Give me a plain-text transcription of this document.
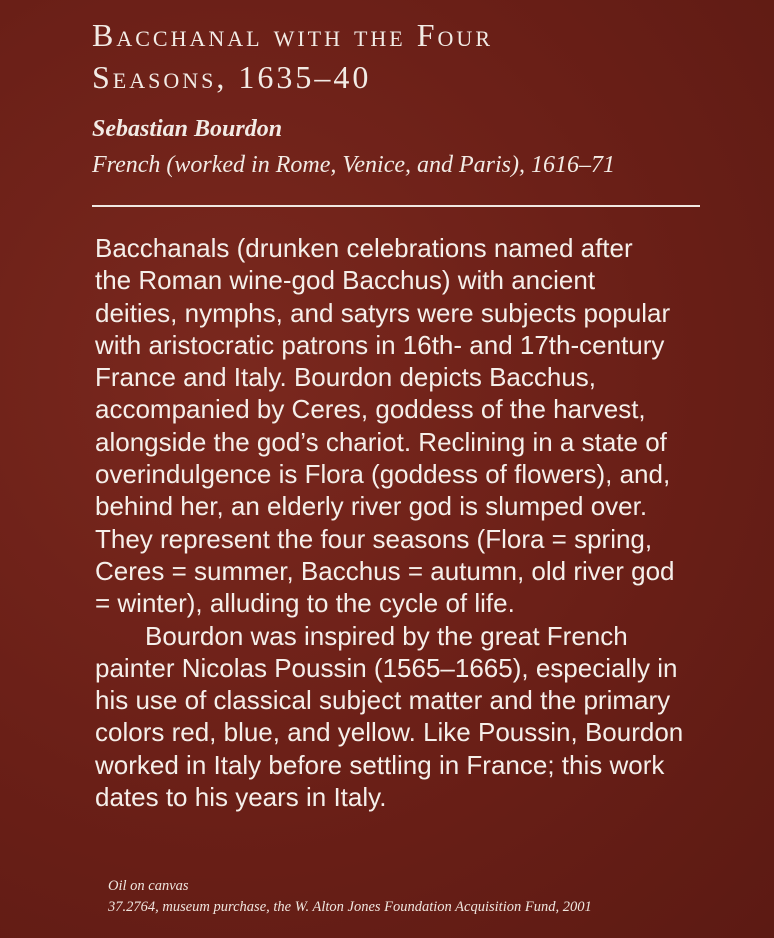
Bacchanal with the Four
Seasons, 1635–40
Sebastian Bourdon
French (worked in Rome, Venice, and Paris), 1616–71

Bacchanals (drunken celebrations named after
the Roman wine-god Bacchus) with ancient
deities, nymphs, and satyrs were subjects popular
with aristocratic patrons in 16th- and 17th-century
France and Italy. Bourdon depicts Bacchus,
accompanied by Ceres, goddess of the harvest,
alongside the god’s chariot. Reclining in a state of
overindulgence is Flora (goddess of flowers), and,
behind her, an elderly river god is slumped over.
They represent the four seasons (Flora = spring,
Ceres = summer, Bacchus = autumn, old river god
= winter), alluding to the cycle of life.

Bourdon was inspired by the great French
painter Nicolas Poussin (1565–1665), especially in
his use of classical subject matter and the primary
colors red, blue, and yellow. Like Poussin, Bourdon
worked in Italy before settling in France; this work
dates to his years in Italy.

Oil on canvas
37.2764, museum purchase, the W. Alton Jones Foundation Acquisition Fund, 2001
